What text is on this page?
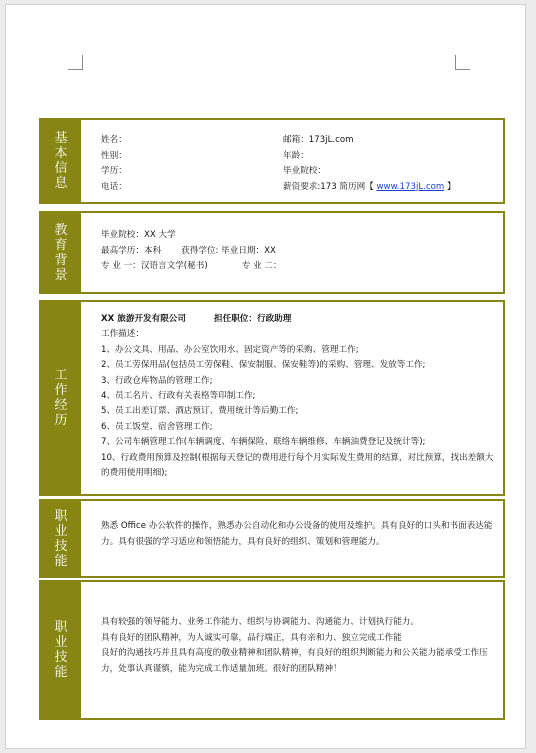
基本信息
姓名：	邮箱：173jL.com
性别：	年龄：
学历：	毕业院校：
电话：	薪资要求:173 简历网【 www.173jL.com 】
教育背景
毕业院校：XX 大学
最高学历：本科 获得学位: 毕业日期：XX
专 业 一：汉语言文学(秘书)	专 业 二：
工作经历
XX 旅游开发有限公司	担任职位：行政助理
工作描述：
1、办公文具、用品、办公室饮用水、固定资产等的采购、管理工作;
2、员工劳保用品(包括员工劳保鞋、保安制服、保安鞋等)的采购、管理、发放等工作;
3、行政仓库物品的管理工作;
4、员工名片、行政有关表格等印制工作;
5、员工出差订票、酒店预订、费用统计等后勤工作;
6、员工饭堂、宿舍管理工作;
7、公司车辆管理工作(车辆调度、车辆保险、联络车辆维修、车辆油费登记及统计等);
10、行政费用预算及控制(根据每天登记的费用进行每个月实际发生费用的结算，对比预算，找出差额大的费用使用明细);
职业技能
熟悉 Office 办公软件的操作，熟悉办公自动化和办公设备的使用及维护。具有良好的口头和书面表达能力。具有很强的学习适应和领悟能力，具有良好的组织、策划和管理能力。
职业技能
具有较强的领导能力、业务工作能力、组织与协调能力、沟通能力、计划执行能力。
具有良好的团队精神，为人诚实可靠，品行端正，具有亲和力、独立完成工作能
良好的沟通技巧并且具有高度的敬业精神和团队精神，有良好的组织判断能力和公关能力能承受工作压力，处事认真谨慎，能为完成工作适量加班。很好的团队精神！
